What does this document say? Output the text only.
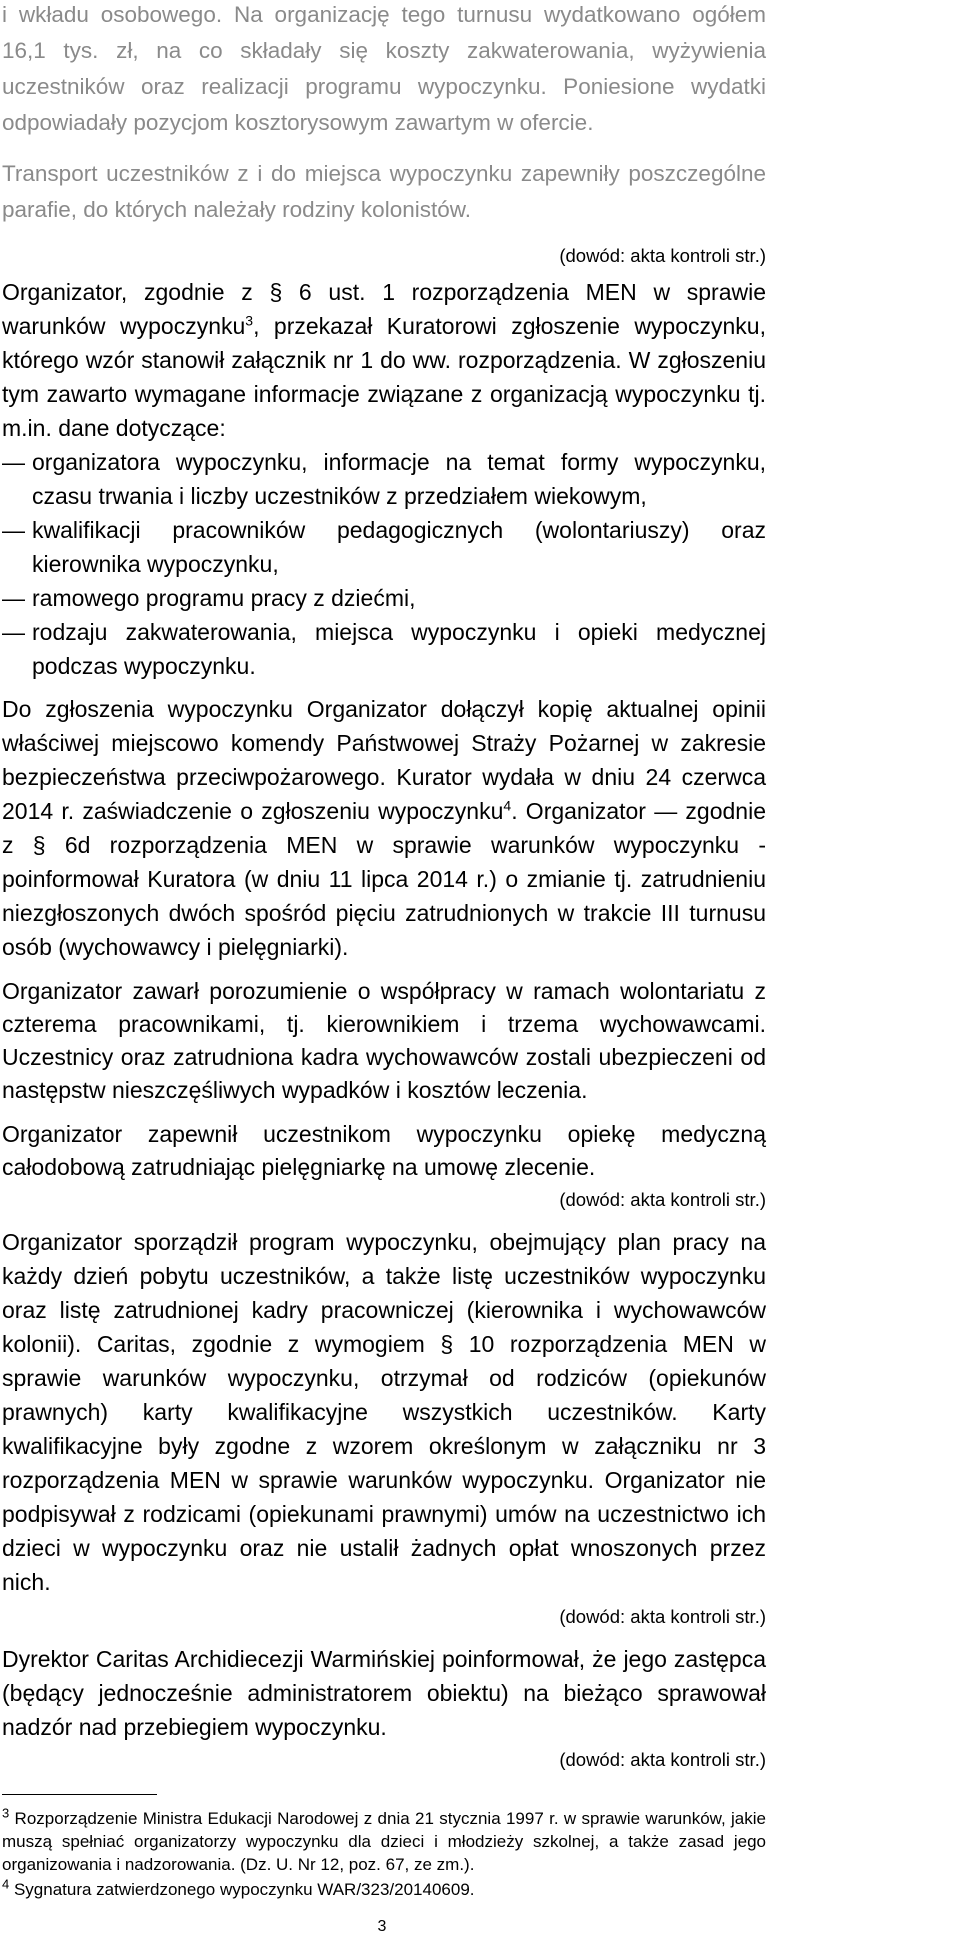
i wkładu osobowego. Na organizację tego turnusu wydatkowano ogółem 16,1 tys. zł, na co składały się koszty zakwaterowania, wyżywienia uczestników oraz realizacji programu wypoczynku. Poniesione wydatki odpowiadały pozycjom kosztorysowym zawartym w ofercie.

Transport uczestników z i do miejsca wypoczynku zapewniły poszczególne parafie, do których należały rodziny kolonistów.

(dowód: akta kontroli str.)

Organizator, zgodnie z § 6 ust. 1 rozporządzenia MEN w sprawie warunków wypoczynku$^3$, przekazał Kuratorowi zgłoszenie wypoczynku, którego wzór stanowił załącznik nr 1 do ww. rozporządzenia. W zgłoszeniu tym zawarto wymagane informacje związane z organizacją wypoczynku tj. m.in. dane dotyczące:

— organizatora wypoczynku, informacje na temat formy wypoczynku, czasu trwania i liczby uczestników z przedziałem wiekowym,
— kwalifikacji pracowników pedagogicznych (wolontariuszy) oraz kierownika wypoczynku,
— ramowego programu pracy z dziećmi,
— rodzaju zakwaterowania, miejsca wypoczynku i opieki medycznej podczas wypoczynku.

Do zgłoszenia wypoczynku Organizator dołączył kopię aktualnej opinii właściwej miejscowo komendy Państwowej Straży Pożarnej w zakresie bezpieczeństwa przeciwpożarowego. Kurator wydała w dniu 24 czerwca 2014 r. zaświadczenie o zgłoszeniu wypoczynku$^4$. Organizator — zgodnie z § 6d rozporządzenia MEN w sprawie warunków wypoczynku - poinformował Kuratora (w dniu 11 lipca 2014 r.) o zmianie tj. zatrudnieniu niezgłoszonych dwóch spośród pięciu zatrudnionych w trakcie III turnusu osób (wychowawcy i pielęgniarki).

Organizator zawarł porozumienie o współpracy w ramach wolontariatu z czterema pracownikami, tj. kierownikiem i trzema wychowawcami. Uczestnicy oraz zatrudniona kadra wychowawców zostali ubezpieczeni od następstw nieszczęśliwych wypadków i kosztów leczenia.

Organizator zapewnił uczestnikom wypoczynku opiekę medyczną całodobową zatrudniając pielęgniarkę na umowę zlecenie.

(dowód: akta kontroli str.)

Organizator sporządził program wypoczynku, obejmujący plan pracy na każdy dzień pobytu uczestników, a także listę uczestników wypoczynku oraz listę zatrudnionej kadry pracowniczej (kierownika i wychowawców kolonii). Caritas, zgodnie z wymogiem § 10 rozporządzenia MEN w sprawie warunków wypoczynku, otrzymał od rodziców (opiekunów prawnych) karty kwalifikacyjne wszystkich uczestników. Karty kwalifikacyjne były zgodne z wzorem określonym w załączniku nr 3 rozporządzenia MEN w sprawie warunków wypoczynku. Organizator nie podpisywał z rodzicami (opiekunami prawnymi) umów na uczestnictwo ich dzieci w wypoczynku oraz nie ustalił żadnych opłat wnoszonych przez nich.

(dowód: akta kontroli str.)

Dyrektor Caritas Archidiecezji Warmińskiej poinformował, że jego zastępca (będący jednocześnie administratorem obiektu) na bieżąco sprawował nadzór nad przebiegiem wypoczynku.

(dowód: akta kontroli str.)

$^3$ Rozporządzenie Ministra Edukacji Narodowej z dnia 21 stycznia 1997 r. w sprawie warunków, jakie muszą spełniać organizatorzy wypoczynku dla dzieci i młodzieży szkolnej, a także zasad jego organizowania i nadzorowania. (Dz. U. Nr 12, poz. 67, ze zm.).

$^4$ Sygnatura zatwierdzonego wypoczynku WAR/323/20140609.

3
